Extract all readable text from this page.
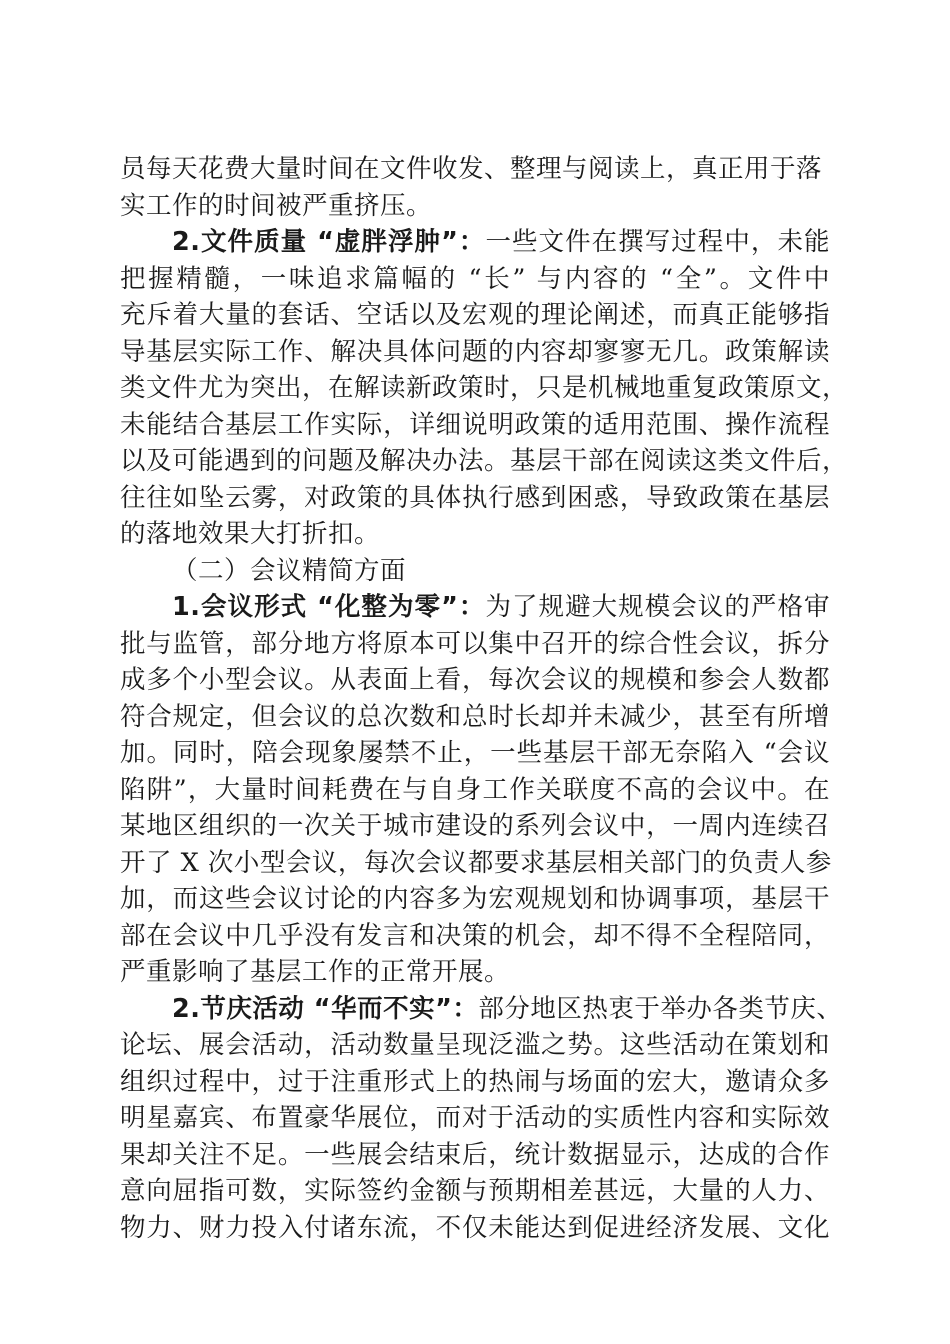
员每天花费大量时间在文件收发、整理与阅读上，真正用于落
实工作的时间被严重挤压。
2.文件质量 “虚胖浮肿”：一些文件在撰写过程中，未能
把握精髓，一味追求篇幅的 “长” 与内容的 “全”。文件中
充斥着大量的套话、空话以及宏观的理论阐述，而真正能够指
导基层实际工作、解决具体问题的内容却寥寥无几。政策解读
类文件尤为突出，在解读新政策时，只是机械地重复政策原文，
未能结合基层工作实际，详细说明政策的适用范围、操作流程
以及可能遇到的问题及解决办法。基层干部在阅读这类文件后，
往往如坠云雾，对政策的具体执行感到困惑，导致政策在基层
的落地效果大打折扣。
（二）会议精简方面
1.会议形式 “化整为零”：为了规避大规模会议的严格审
批与监管，部分地方将原本可以集中召开的综合性会议，拆分
成多个小型会议。从表面上看，每次会议的规模和参会人数都
符合规定，但会议的总次数和总时长却并未减少，甚至有所增
加。同时，陪会现象屡禁不止，一些基层干部无奈陷入 “会议
陷阱”，大量时间耗费在与自身工作关联度不高的会议中。在
某地区组织的一次关于城市建设的系列会议中，一周内连续召
开了 X 次小型会议，每次会议都要求基层相关部门的负责人参
加，而这些会议讨论的内容多为宏观规划和协调事项，基层干
部在会议中几乎没有发言和决策的机会，却不得不全程陪同，
严重影响了基层工作的正常开展。
2.节庆活动 “华而不实”：部分地区热衷于举办各类节庆、
论坛、展会活动，活动数量呈现泛滥之势。这些活动在策划和
组织过程中，过于注重形式上的热闹与场面的宏大，邀请众多
明星嘉宾、布置豪华展位，而对于活动的实质性内容和实际效
果却关注不足。一些展会结束后，统计数据显示，达成的合作
意向屈指可数，实际签约金额与预期相差甚远，大量的人力、
物力、财力投入付诸东流，不仅未能达到促进经济发展、文化
